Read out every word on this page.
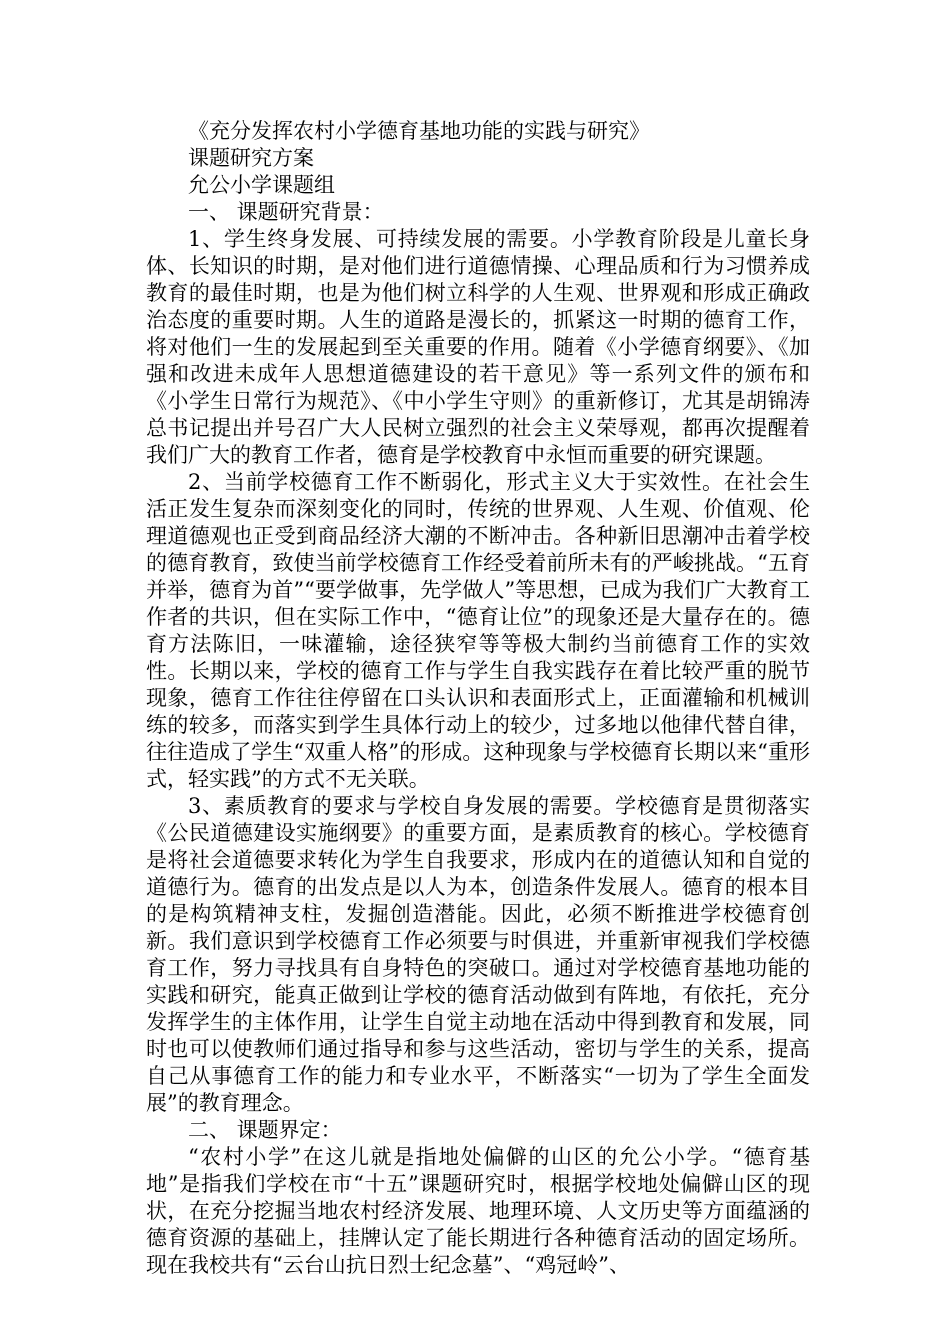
《充分发挥农村小学德育基地功能的实践与研究》

课题研究方案

允公小学课题组

一、 课题研究背景：

1、学生终身发展、可持续发展的需要。小学教育阶段是儿童长身体、长知识的时期，是对他们进行道德情操、心理品质和行为习惯养成教育的最佳时期，也是为他们树立科学的人生观、世界观和形成正确政治态度的重要时期。人生的道路是漫长的，抓紧这一时期的德育工作，将对他们一生的发展起到至关重要的作用。随着《小学德育纲要》、《加强和改进未成年人思想道德建设的若干意见》等一系列文件的颁布和《小学生日常行为规范》、《中小学生守则》的重新修订，尤其是胡锦涛总书记提出并号召广大人民树立强烈的社会主义荣辱观，都再次提醒着我们广大的教育工作者，德育是学校教育中永恒而重要的研究课题。

2、当前学校德育工作不断弱化，形式主义大于实效性。在社会生活正发生复杂而深刻变化的同时，传统的世界观、人生观、价值观、伦理道德观也正受到商品经济大潮的不断冲击。各种新旧思潮冲击着学校的德育教育，致使当前学校德育工作经受着前所未有的严峻挑战。“五育并举，德育为首”“要学做事，先学做人”等思想，已成为我们广大教育工作者的共识，但在实际工作中，“德育让位”的现象还是大量存在的。德育方法陈旧，一味灌输，途径狭窄等等极大制约当前德育工作的实效性。长期以来，学校的德育工作与学生自我实践存在着比较严重的脱节现象，德育工作往往停留在口头认识和表面形式上，正面灌输和机械训练的较多，而落实到学生具体行动上的较少，过多地以他律代替自律，往往造成了学生“双重人格”的形成。这种现象与学校德育长期以来“重形式，轻实践”的方式不无关联。

3、素质教育的要求与学校自身发展的需要。学校德育是贯彻落实《公民道德建设实施纲要》的重要方面，是素质教育的核心。学校德育是将社会道德要求转化为学生自我要求，形成内在的道德认知和自觉的道德行为。德育的出发点是以人为本，创造条件发展人。德育的根本目的是构筑精神支柱，发掘创造潜能。因此，必须不断推进学校德育创新。我们意识到学校德育工作必须要与时俱进，并重新审视我们学校德育工作，努力寻找具有自身特色的突破口。通过对学校德育基地功能的实践和研究，能真正做到让学校的德育活动做到有阵地，有依托，充分发挥学生的主体作用，让学生自觉主动地在活动中得到教育和发展，同时也可以使教师们通过指导和参与这些活动，密切与学生的关系，提高自己从事德育工作的能力和专业水平，不断落实“一切为了学生全面发展”的教育理念。

二、 课题界定：

“农村小学”在这儿就是指地处偏僻的山区的允公小学。“德育基地”是指我们学校在市“十五”课题研究时，根据学校地处偏僻山区的现状，在充分挖掘当地农村经济发展、地理环境、人文历史等方面蕴涵的德育资源的基础上，挂牌认定了能长期进行各种德育活动的固定场所。现在我校共有“云台山抗日烈士纪念墓”、“鸡冠岭”、
